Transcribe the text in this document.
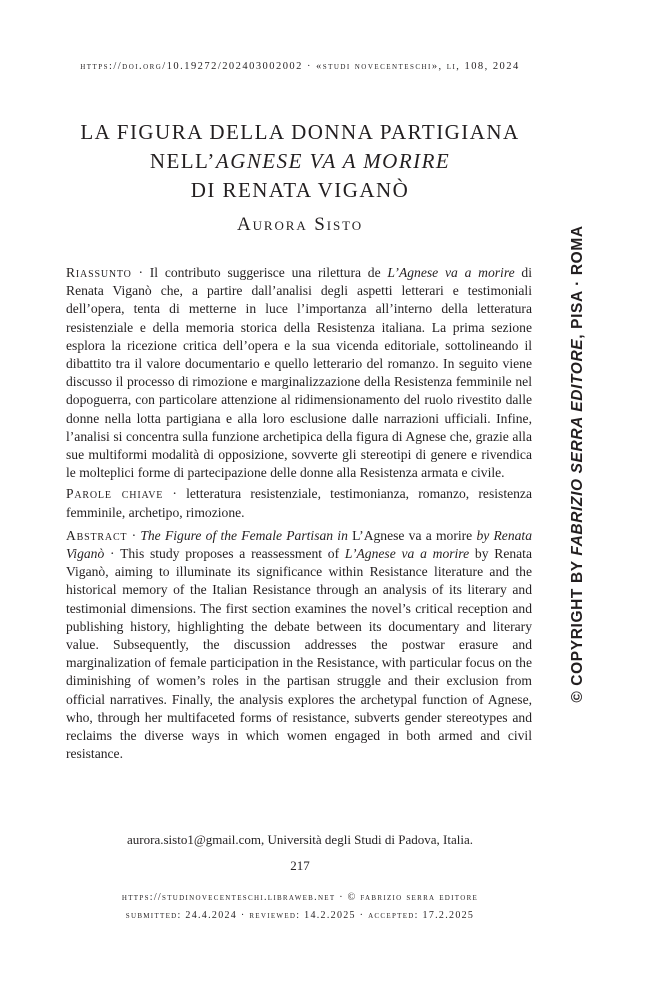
https://doi.org/10.19272/202403002002 · «studi novecenteschi», li, 108, 2024
LA FIGURA DELLA DONNA PARTIGIANA
NELL’AGNESE VA A MORIRE
DI RENATA VIGANÒ
Aurora Sisto

Riassunto · Il contributo suggerisce una rilettura de L’Agnese va a morire di Renata Viganò che, a partire dall’analisi degli aspetti letterari e testimoniali dell’opera, tenta di metterne in luce l’importanza all’interno della letteratura resistenziale e della memoria storica della Resistenza italiana. La prima sezione esplora la ricezione critica dell’opera e la sua vicenda editoriale, sottolineando il dibattito tra il valore documentario e quello letterario del romanzo. In seguito viene discusso il processo di rimozione e marginalizzazione della Resistenza femminile nel dopoguerra, con particolare attenzione al ridimensionamento del ruolo rivestito dalle donne nella lotta partigiana e alla loro esclusione dalle narrazioni ufficiali. Infine, l’analisi si concentra sulla funzione archetipica della figura di Agnese che, grazie alla sue multiformi modalità di opposizione, sovverte gli stereotipi di genere e rivendica le molteplici forme di partecipazione delle donne alla Resistenza armata e civile.

Parole chiave · letteratura resistenziale, testimonianza, romanzo, resistenza femminile, archetipo, rimozione.

Abstract · The Figure of the Female Partisan in L’Agnese va a morire by Renata Viganò · This study proposes a reassessment of L’Agnese va a morire by Renata Viganò, aiming to illuminate its significance within Resistance literature and the historical memory of the Italian Resistance through an analysis of its literary and testimonial dimensions. The first section examines the novel’s critical reception and publishing history, highlighting the debate between its documentary and literary value. Subsequently, the discussion addresses the postwar erasure and marginalization of female participation in the Resistance, with particular focus on the diminishing of women’s roles in the partisan struggle and their exclusion from official narratives. Finally, the analysis explores the archetypal function of Agnese, who, through her multifaceted forms of resistance, subverts gender stereotypes and reclaims the diverse ways in which women engaged in both armed and civil resistance.

aurora.sisto1@gmail.com, Università degli Studi di Padova, Italia.
217
https://studinovecenteschi.libraweb.net · © fabrizio serra editore
submitted: 24.4.2024 · reviewed: 14.2.2025 · accepted: 17.2.2025
© COPYRIGHT BY FABRIZIO SERRA EDITORE, PISA · ROMA
